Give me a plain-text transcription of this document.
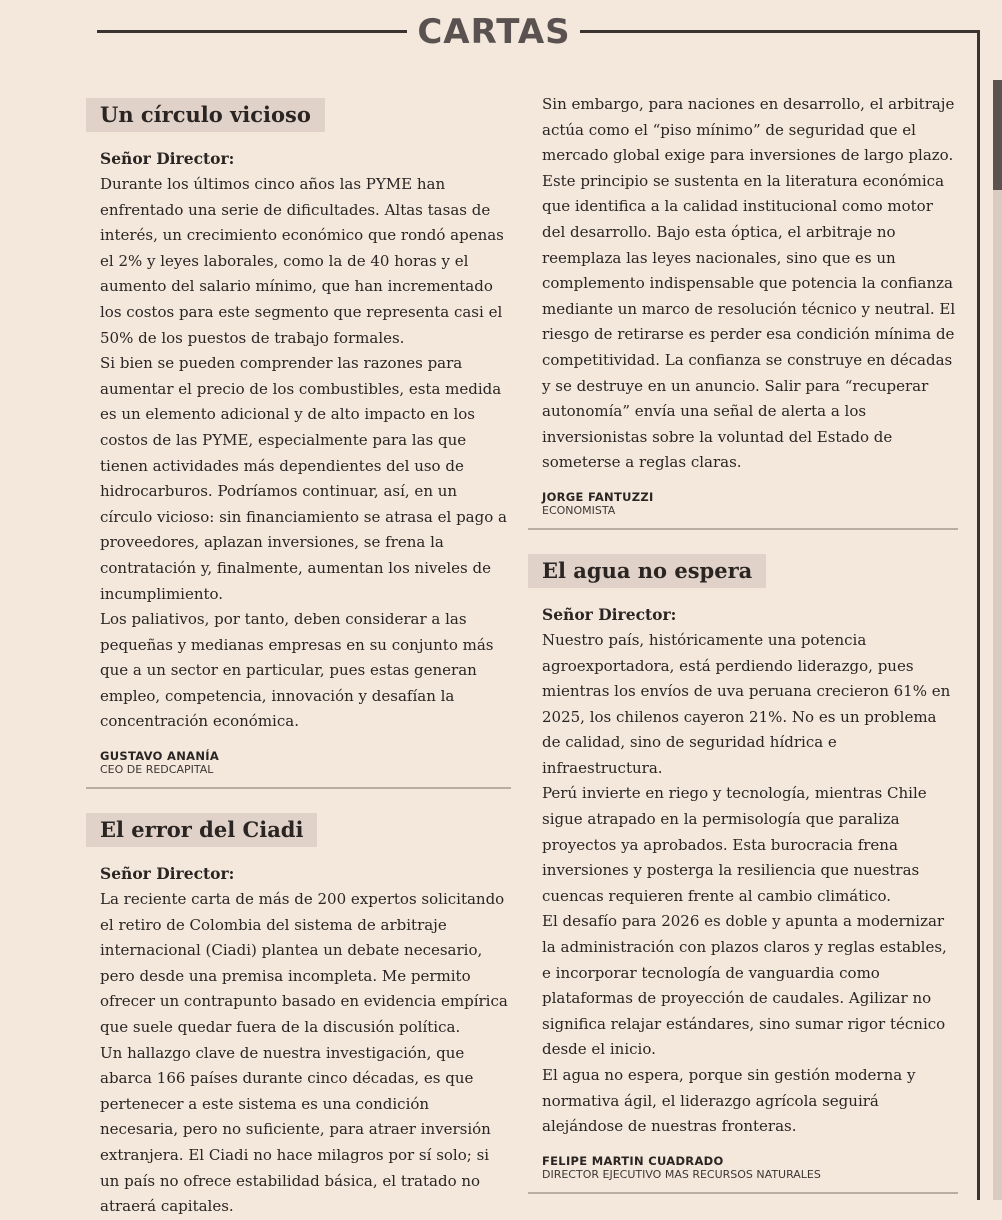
CARTAS
Un círculo vicioso
Señor Director:

Durante los últimos cinco años las PYME han enfrentado una serie de dificultades. Altas tasas de interés, un crecimiento económico que rondó apenas el 2% y leyes laborales, como la de 40 horas y el aumento del salario mínimo, que han incrementado los costos para este segmento que representa casi el 50% de los puestos de trabajo formales.

Si bien se pueden comprender las razones para aumentar el precio de los combustibles, esta medida es un elemento adicional y de alto impacto en los costos de las PYME, especialmente para las que tienen actividades más dependientes del uso de hidrocarburos. Podríamos continuar, así, en un círculo vicioso: sin financiamiento se atrasa el pago a proveedores, aplazan inversiones, se frena la contratación y, finalmente, aumentan los niveles de incumplimiento.

Los paliativos, por tanto, deben considerar a las pequeñas y medianas empresas en su conjunto más que a un sector en particular, pues estas generan empleo, competencia, innovación y desafían la concentración económica.

GUSTAVO ANANÍA
CEO DE REDCAPITAL
El error del Ciadi
Señor Director:

La reciente carta de más de 200 expertos solicitando el retiro de Colombia del sistema de arbitraje internacional (Ciadi) plantea un debate necesario, pero desde una premisa incompleta. Me permito ofrecer un contrapunto basado en evidencia empírica que suele quedar fuera de la discusión política.

Un hallazgo clave de nuestra investigación, que abarca 166 países durante cinco décadas, es que pertenecer a este sistema es una condición necesaria, pero no suficiente, para atraer inversión extranjera. El Ciadi no hace milagros por sí solo; si un país no ofrece estabilidad básica, el tratado no atraerá capitales.

Sin embargo, para naciones en desarrollo, el arbitraje actúa como el “piso mínimo” de seguridad que el mercado global exige para inversiones de largo plazo. Este principio se sustenta en la literatura económica que identifica a la calidad institucional como motor del desarrollo. Bajo esta óptica, el arbitraje no reemplaza las leyes nacionales, sino que es un complemento indispensable que potencia la confianza mediante un marco de resolución técnico y neutral. El riesgo de retirarse es perder esa condición mínima de competitividad. La confianza se construye en décadas y se destruye en un anuncio. Salir para “recuperar autonomía” envía una señal de alerta a los inversionistas sobre la voluntad del Estado de someterse a reglas claras.

JORGE FANTUZZI
ECONOMISTA
El agua no espera
Señor Director:

Nuestro país, históricamente una potencia agroexportadora, está perdiendo liderazgo, pues mientras los envíos de uva peruana crecieron 61% en 2025, los chilenos cayeron 21%. No es un problema de calidad, sino de seguridad hídrica e infraestructura.

Perú invierte en riego y tecnología, mientras Chile sigue atrapado en la permisología que paraliza proyectos ya aprobados. Esta burocracia frena inversiones y posterga la resiliencia que nuestras cuencas requieren frente al cambio climático.

El desafío para 2026 es doble y apunta a modernizar la administración con plazos claros y reglas estables, e incorporar tecnología de vanguardia como plataformas de proyección de caudales. Agilizar no significa relajar estándares, sino sumar rigor técnico desde el inicio.

El agua no espera, porque sin gestión moderna y normativa ágil, el liderazgo agrícola seguirá alejándose de nuestras fronteras.

FELIPE MARTIN CUADRADO
DIRECTOR EJECUTIVO MAS RECURSOS NATURALES
